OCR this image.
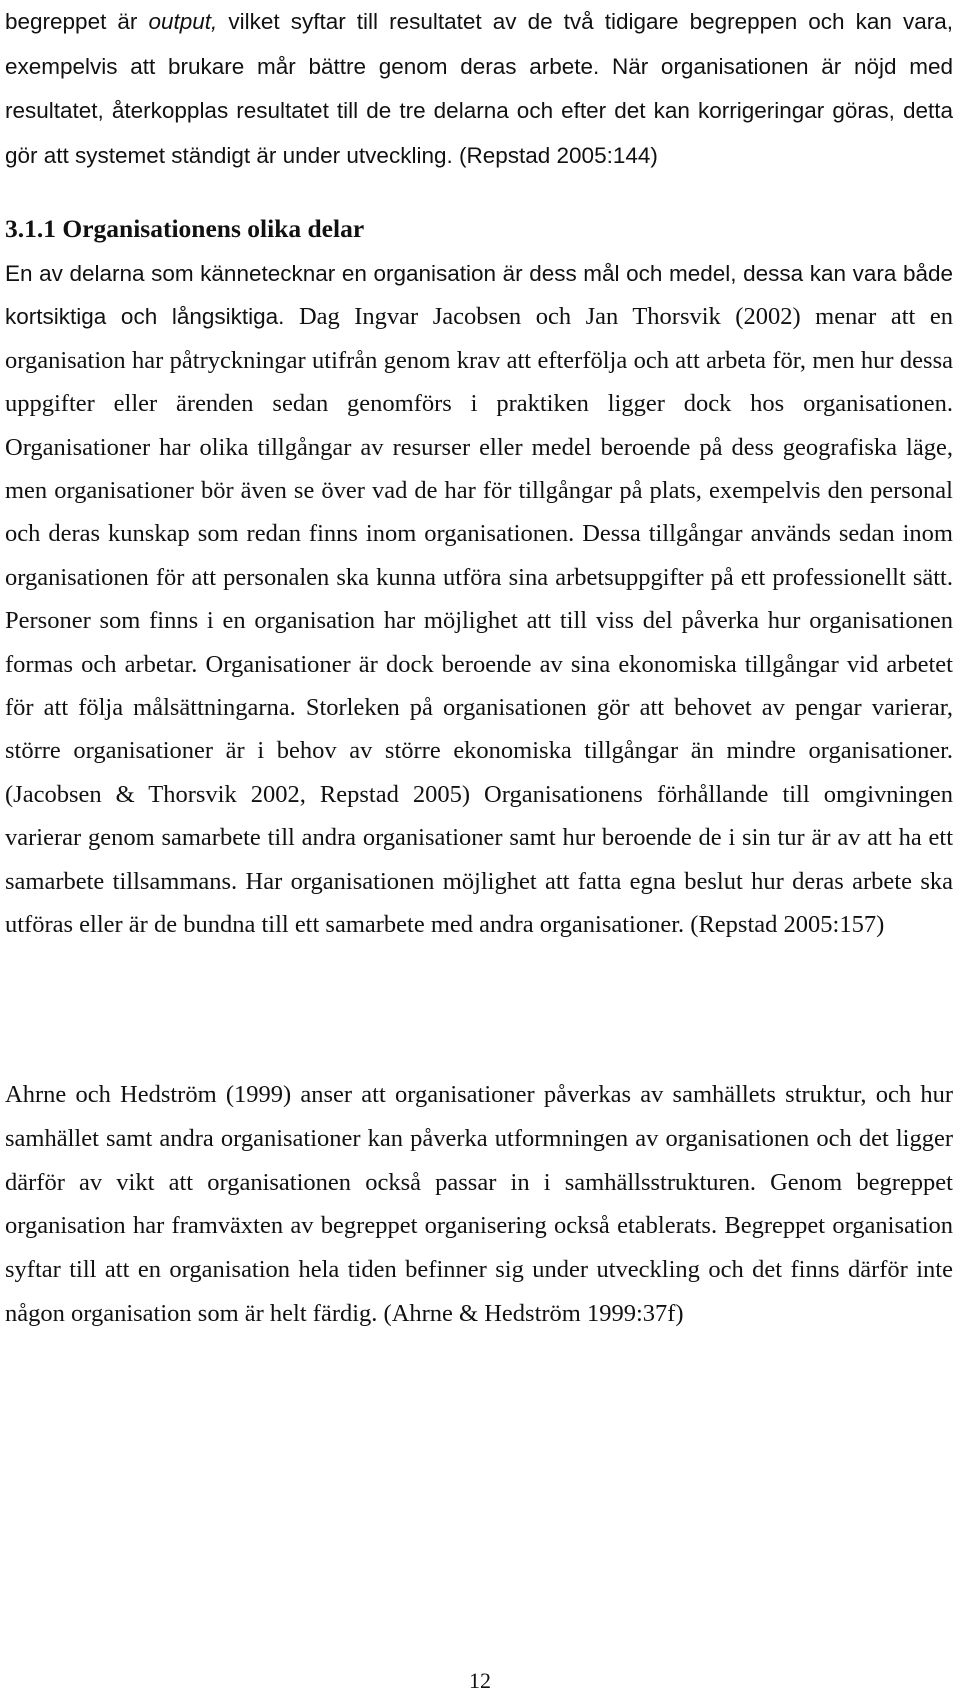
begreppet är output, vilket syftar till resultatet av de två tidigare begreppen och kan vara, exempelvis att brukare mår bättre genom deras arbete. När organisationen är nöjd med resultatet, återkopplas resultatet till de tre delarna och efter det kan korrigeringar göras, detta gör att systemet ständigt är under utveckling. (Repstad 2005:144)

3.1.1 Organisationens olika delar

En av delarna som kännetecknar en organisation är dess mål och medel, dessa kan vara både kortsiktiga och långsiktiga. Dag Ingvar Jacobsen och Jan Thorsvik (2002) menar att en organisation har påtryckningar utifrån genom krav att efterfölja och att arbeta för, men hur dessa uppgifter eller ärenden sedan genomförs i praktiken ligger dock hos organisationen. Organisationer har olika tillgångar av resurser eller medel beroende på dess geografiska läge, men organisationer bör även se över vad de har för tillgångar på plats, exempelvis den personal och deras kunskap som redan finns inom organisationen. Dessa tillgångar används sedan inom organisationen för att personalen ska kunna utföra sina arbetsuppgifter på ett professionellt sätt. Personer som finns i en organisation har möjlighet att till viss del påverka hur organisationen formas och arbetar. Organisationer är dock beroende av sina ekonomiska tillgångar vid arbetet för att följa målsättningarna. Storleken på organisationen gör att behovet av pengar varierar, större organisationer är i behov av större ekonomiska tillgångar än mindre organisationer. (Jacobsen & Thorsvik 2002, Repstad 2005) Organisationens förhållande till omgivningen varierar genom samarbete till andra organisationer samt hur beroende de i sin tur är av att ha ett samarbete tillsammans. Har organisationen möjlighet att fatta egna beslut hur deras arbete ska utföras eller är de bundna till ett samarbete med andra organisationer. (Repstad 2005:157)

Ahrne och Hedström (1999) anser att organisationer påverkas av samhällets struktur, och hur samhället samt andra organisationer kan påverka utformningen av organisationen och det ligger därför av vikt att organisationen också passar in i samhällsstrukturen. Genom begreppet organisation har framväxten av begreppet organisering också etablerats. Begreppet organisation syftar till att en organisation hela tiden befinner sig under utveckling och det finns därför inte någon organisation som är helt färdig. (Ahrne & Hedström 1999:37f)

12
